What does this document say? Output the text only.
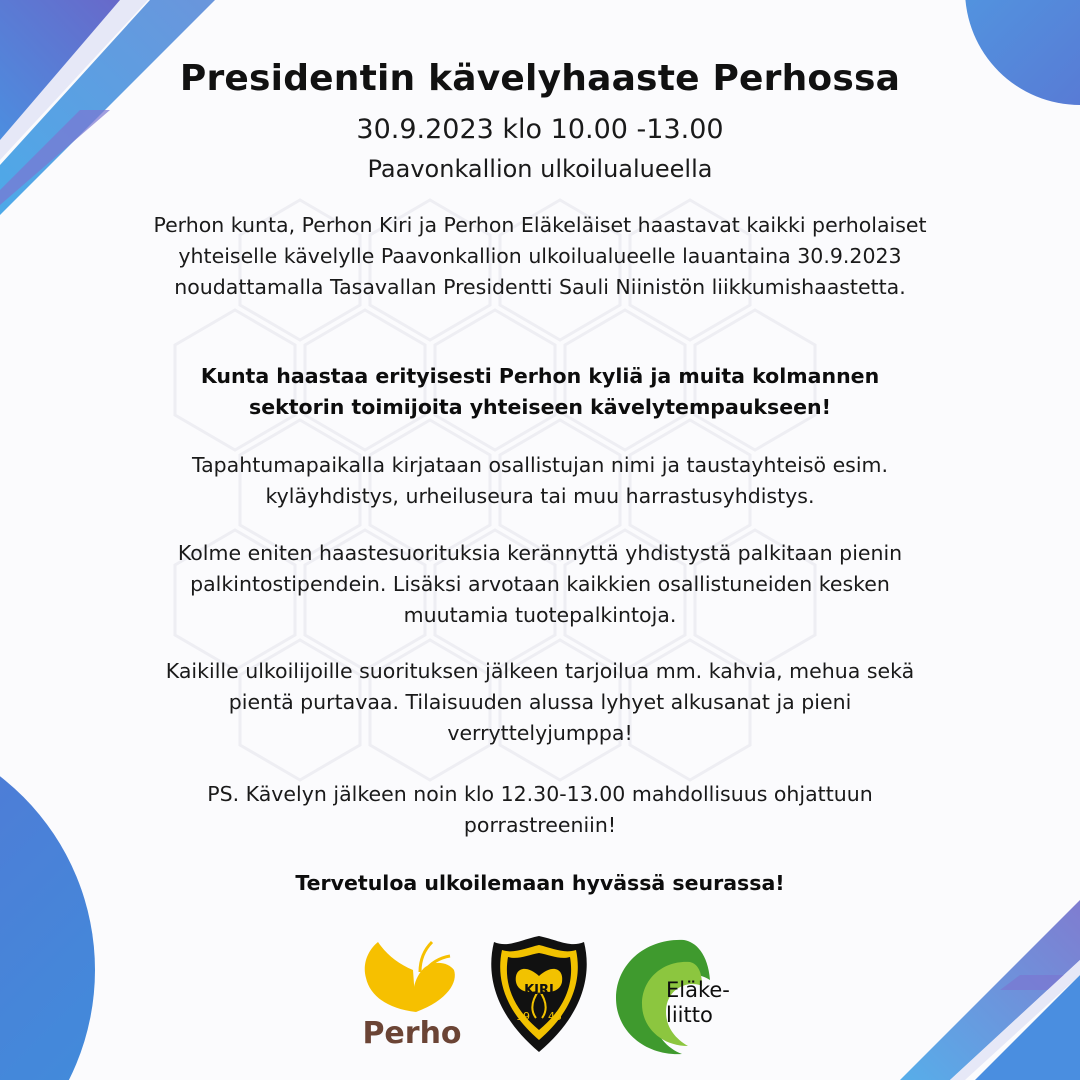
Presidentin kävelyhaaste Perhossa
30.9.2023 klo 10.00 -13.00
Paavonkallion ulkoilualueella
Perhon kunta, Perhon Kiri ja Perhon Eläkeläiset haastavat kaikki perholaiset yhteiselle kävelylle Paavonkallion ulkoilualueelle lauantaina 30.9.2023 noudattamalla Tasavallan Presidentti Sauli Niinistön liikkumishaastetta.
Kunta haastaa erityisesti Perhon kyliä ja muita kolmannen sektorin toimijoita yhteiseen kävelytempaukseen!
Tapahtumapaikalla kirjataan osallistujan nimi ja taustayhteisö esim. kyläyhdistys, urheiluseura tai muu harrastusyhdistys.
Kolme eniten haastesuorituksia kerännyttä yhdistystä palkitaan pienin palkintostipendein. Lisäksi arvotaan kaikkien osallistuneiden kesken muutamia tuotepalkintoja.
Kaikille ulkoilijoille suorituksen jälkeen tarjoilua mm. kahvia, mehua sekä pientä purtavaa. Tilaisuuden alussa lyhyet alkusanat ja pieni verryttelyjumppa!
PS. Kävelyn jälkeen noin klo 12.30-13.00 mahdollisuus ohjattuun porrastreeniin!
Tervetuloa ulkoilemaan hyvässä seurassa!
Perho
KIRI
19 45
Eläke-
liitto
